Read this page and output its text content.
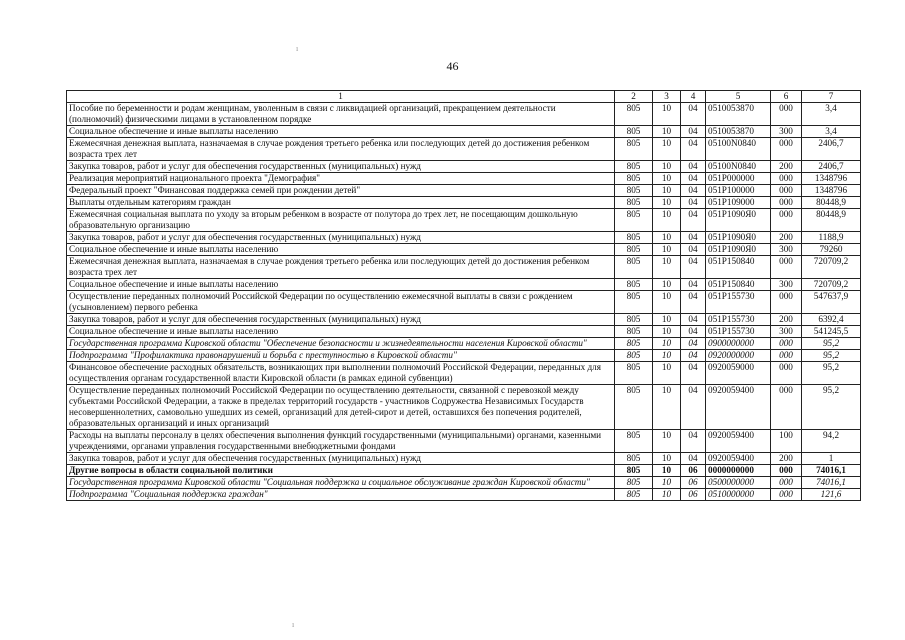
46
1	2	3	4	5	6	7
Пособие по беременности и родам женщинам, уволенным в связи с ликвидацией организаций, прекращением деятельности (полномочий) физическими лицами в установленном порядке	805	10	04	0510053870	000	3,4
Социальное обеспечение и иные выплаты населению	805	10	04	0510053870	300	3,4
Ежемесячная денежная выплата, назначаемая в случае рождения третьего ребенка или последующих детей до достижения ребенком возраста трех лет	805	10	04	05100N0840	000	2406,7
Закупка товаров, работ и услуг для обеспечения государственных (муниципальных) нужд	805	10	04	05100N0840	200	2406,7
Реализация мероприятий национального проекта "Демография"	805	10	04	051P000000	000	1348796
Федеральный проект "Финансовая поддержка семей при рождении детей"	805	10	04	051P100000	000	1348796
Выплаты отдельным категориям граждан	805	10	04	051P109000	000	80448,9
Ежемесячная социальная выплата по уходу за вторым ребенком в возрасте от полутора до трех лет, не посещающим дошкольную образовательную организацию	805	10	04	051P1090Я0	000	80448,9
Закупка товаров, работ и услуг для обеспечения государственных (муниципальных) нужд	805	10	04	051P1090Я0	200	1188,9
Социальное обеспечение и иные выплаты населению	805	10	04	051P1090Я0	300	79260
Ежемесячная денежная выплата, назначаемая в случае рождения третьего ребенка или последующих детей до достижения ребенком возраста трех лет	805	10	04	051P150840	000	720709,2
Социальное обеспечение и иные выплаты населению	805	10	04	051P150840	300	720709,2
Осуществление переданных полномочий Российской Федерации по осуществлению ежемесячной выплаты в связи с рождением (усыновлением) первого ребенка	805	10	04	051P155730	000	547637,9
Закупка товаров, работ и услуг для обеспечения государственных (муниципальных) нужд	805	10	04	051P155730	200	6392,4
Социальное обеспечение и иные выплаты населению	805	10	04	051P155730	300	541245,5
Государственная программа Кировской области "Обеспечение безопасности и жизнедеятельности населения Кировской области"	805	10	04	0900000000	000	95,2
Подпрограмма "Профилактика правонарушений и борьба с преступностью в Кировской области"	805	10	04	0920000000	000	95,2
Финансовое обеспечение расходных обязательств, возникающих при выполнении полномочий Российской Федерации, переданных для осуществления органам государственной власти Кировской области (в рамках единой субвенции)	805	10	04	0920059000	000	95,2
Осуществление переданных полномочий Российской Федерации по осуществлению деятельности, связанной с перевозкой между субъектами Российской Федерации, а также в пределах территорий государств - участников Содружества Независимых Государств несовершеннолетних, самовольно ушедших из семей, организаций для детей-сирот и детей, оставшихся без попечения родителей, образовательных организаций и иных организаций	805	10	04	0920059400	000	95,2
Расходы на выплаты персоналу в целях обеспечения выполнения функций государственными (муниципальными) органами, казенными учреждениями, органами управления государственными внебюджетными фондами	805	10	04	0920059400	100	94,2
Закупка товаров, работ и услуг для обеспечения государственных (муниципальных) нужд	805	10	04	0920059400	200	1
Другие вопросы в области социальной политики	805	10	06	0000000000	000	74016,1
Государственная программа Кировской области "Социальная поддержка и социальное обслуживание граждан Кировской области"	805	10	06	0500000000	000	74016,1
Подпрограмма "Социальная поддержка граждан"	805	10	06	0510000000	000	121,6
ı
ı
